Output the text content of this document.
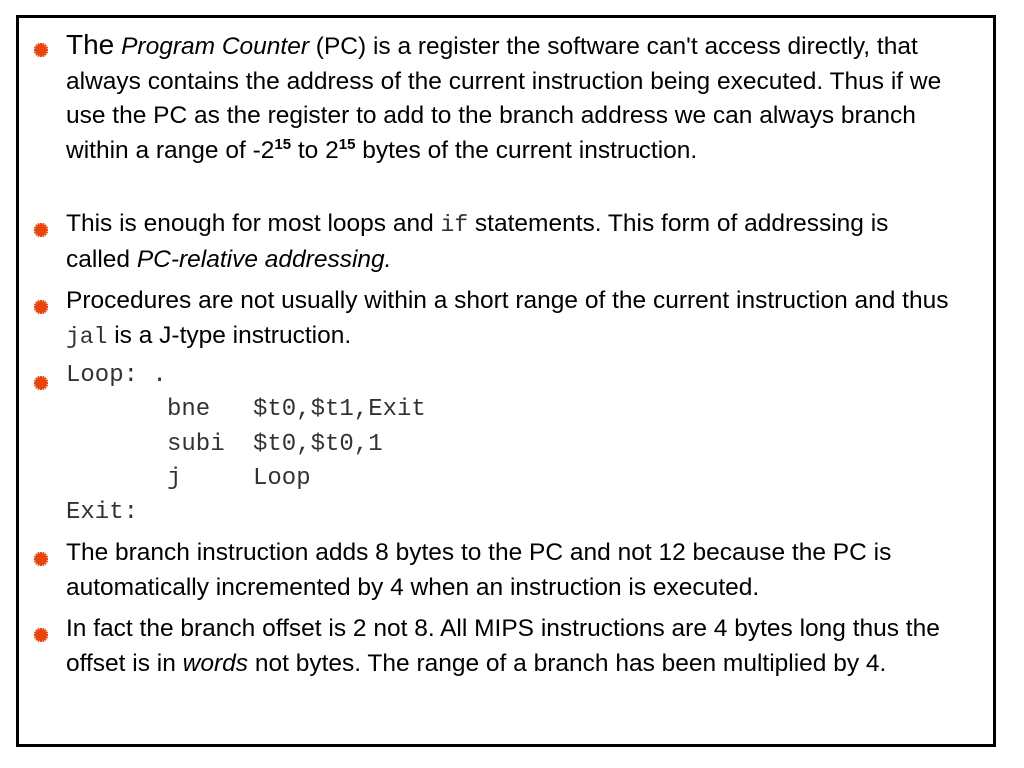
The Program Counter (PC) is a register the software can't access directly, that always contains the address of the current instruction being executed. Thus if we use the PC as the register to add to the branch address we can always branch within a range of $-2^{15}$ to $2^{15}$ bytes of the current instruction.
This is enough for most loops and if statements. This form of addressing is called PC-relative addressing.
Procedures are not usually within a short range of the current instruction and thus jal is a J-type instruction.
Loop: .
bne $t0,$t1,Exit
subi $t0,$t0,1
j	Loop
Exit:
The branch instruction adds 8 bytes to the PC and not 12 because the PC is automatically incremented by 4 when an instruction is executed.
In fact the branch offset is 2 not 8. All MIPS instructions are 4 bytes long thus the offset is in words not bytes. The range of a branch has been multiplied by 4.
